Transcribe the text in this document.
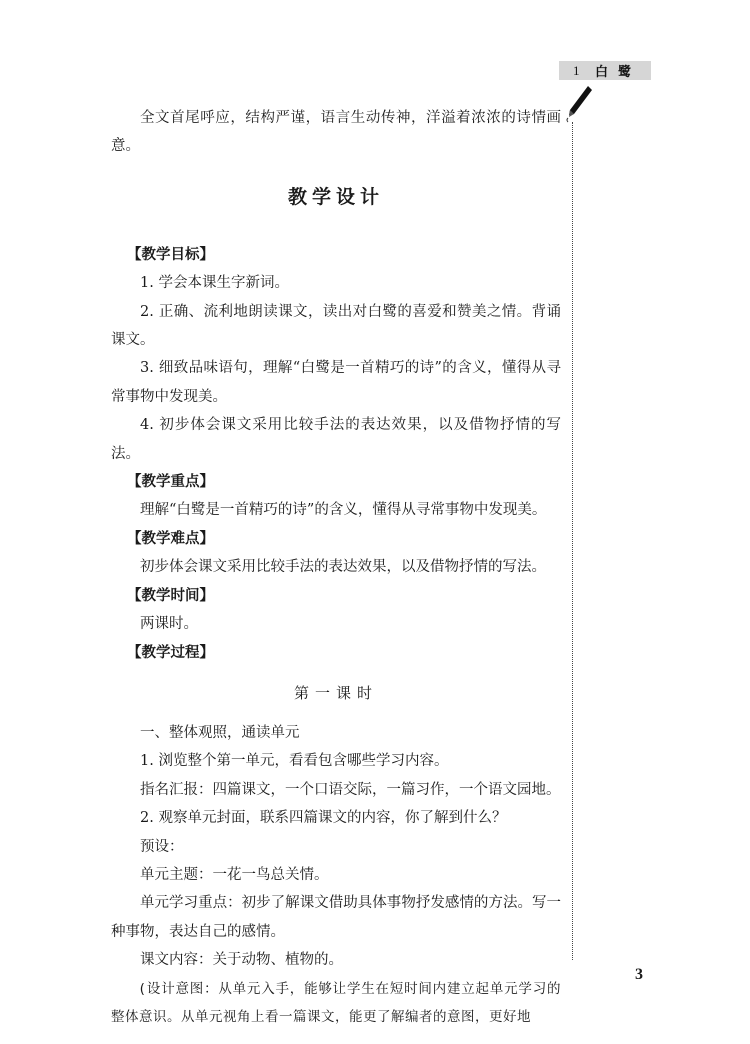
1	白鹭

全文首尾呼应，结构严谨，语言生动传神，洋溢着浓浓的诗情画意。

教学设计
【教学目标】

1. 学会本课生字新词。

2. 正确、流利地朗读课文，读出对白鹭的喜爱和赞美之情。背诵课文。

3. 细致品味语句，理解“白鹭是一首精巧的诗”的含义，懂得从寻常事物中发现美。

4. 初步体会课文采用比较手法的表达效果，以及借物抒情的写法。

【教学重点】

理解“白鹭是一首精巧的诗”的含义，懂得从寻常事物中发现美。

【教学难点】

初步体会课文采用比较手法的表达效果，以及借物抒情的写法。

【教学时间】

两课时。

【教学过程】
第一课时

一、整体观照，通读单元

1. 浏览整个第一单元，看看包含哪些学习内容。

指名汇报：四篇课文，一个口语交际，一篇习作，一个语文园地。

2. 观察单元封面，联系四篇课文的内容，你了解到什么？

预设：

单元主题：一花一鸟总关情。

单元学习重点：初步了解课文借助具体事物抒发感情的方法。写一种事物，表达自己的感情。

课文内容：关于动物、植物的。

(设计意图：从单元入手，能够让学生在短时间内建立起单元学习的整体意识。从单元视角上看一篇课文，能更了解编者的意图，更好地

3
